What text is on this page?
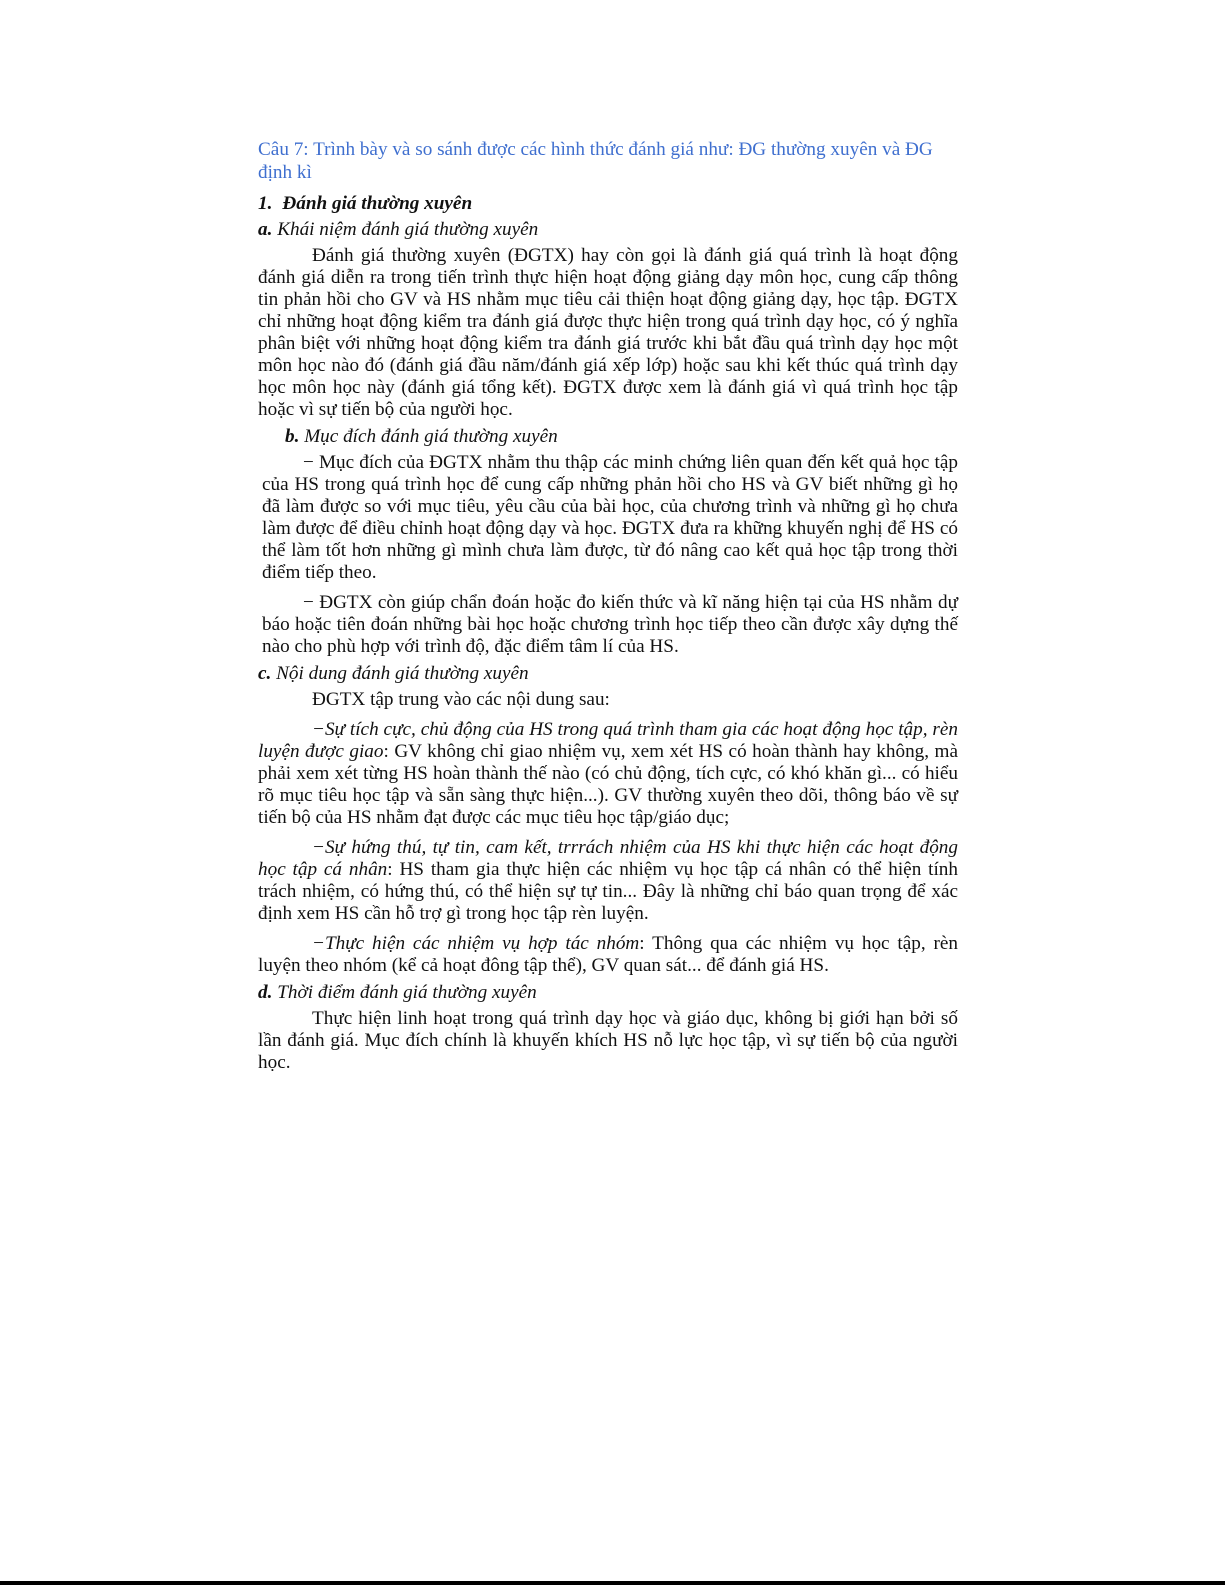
Câu 7: Trình bày và so sánh được các hình thức đánh giá như: ĐG thường xuyên và ĐG định kì

1. Đánh giá thường xuyên

a. Khái niệm đánh giá thường xuyên

Đánh giá thường xuyên (ĐGTX) hay còn gọi là đánh giá quá trình là hoạt động đánh giá diễn ra trong tiến trình thực hiện hoạt động giảng dạy môn học, cung cấp thông tin phản hồi cho GV và HS nhằm mục tiêu cải thiện hoạt động giảng dạy, học tập. ĐGTX chỉ những hoạt động kiểm tra đánh giá được thực hiện trong quá trình dạy học, có ý nghĩa phân biệt với những hoạt động kiểm tra đánh giá trước khi bắt đầu quá trình dạy học một môn học nào đó (đánh giá đầu năm/đánh giá xếp lớp) hoặc sau khi kết thúc quá trình dạy học môn học này (đánh giá tổng kết). ĐGTX được xem là đánh giá vì quá trình học tập hoặc vì sự tiến bộ của người học.

b. Mục đích đánh giá thường xuyên

− Mục đích của ĐGTX nhằm thu thập các minh chứng liên quan đến kết quả học tập của HS trong quá trình học để cung cấp những phản hồi cho HS và GV biết những gì họ đã làm được so với mục tiêu, yêu cầu của bài học, của chương trình và những gì họ chưa làm được để điều chỉnh hoạt động dạy và học. ĐGTX đưa ra khững khuyến nghị để HS có thể làm tốt hơn những gì mình chưa làm được, từ đó nâng cao kết quả học tập trong thời điểm tiếp theo.

− ĐGTX còn giúp chẩn đoán hoặc đo kiến thức và kĩ năng hiện tại của HS nhằm dự báo hoặc tiên đoán những bài học hoặc chương trình học tiếp theo cần được xây dựng thế nào cho phù hợp với trình độ, đặc điểm tâm lí của HS.

c. Nội dung đánh giá thường xuyên

ĐGTX tập trung vào các nội dung sau:

−Sự tích cực, chủ động của HS trong quá trình tham gia các hoạt động học tập, rèn luyện được giao: GV không chỉ giao nhiệm vụ, xem xét HS có hoàn thành hay không, mà phải xem xét từng HS hoàn thành thế nào (có chủ động, tích cực, có khó khăn gì... có hiểu rõ mục tiêu học tập và sẵn sàng thực hiện...). GV thường xuyên theo dõi, thông báo về sự tiến bộ của HS nhằm đạt được các mục tiêu học tập/giáo dục;

−Sự hứng thú, tự tin, cam kết, trrrách nhiệm của HS khi thực hiện các hoạt động học tập cá nhân: HS tham gia thực hiện các nhiệm vụ học tập cá nhân có thể hiện tính trách nhiệm, có hứng thú, có thể hiện sự tự tin... Đây là những chỉ báo quan trọng để xác định xem HS cần hỗ trợ gì trong học tập rèn luyện.

−Thực hiện các nhiệm vụ hợp tác nhóm: Thông qua các nhiệm vụ học tập, rèn luyện theo nhóm (kể cả hoạt đông tập thể), GV quan sát... để đánh giá HS.

d. Thời điểm đánh giá thường xuyên

Thực hiện linh hoạt trong quá trình dạy học và giáo dục, không bị giới hạn bởi số lần đánh giá. Mục đích chính là khuyến khích HS nỗ lực học tập, vì sự tiến bộ của người học.
